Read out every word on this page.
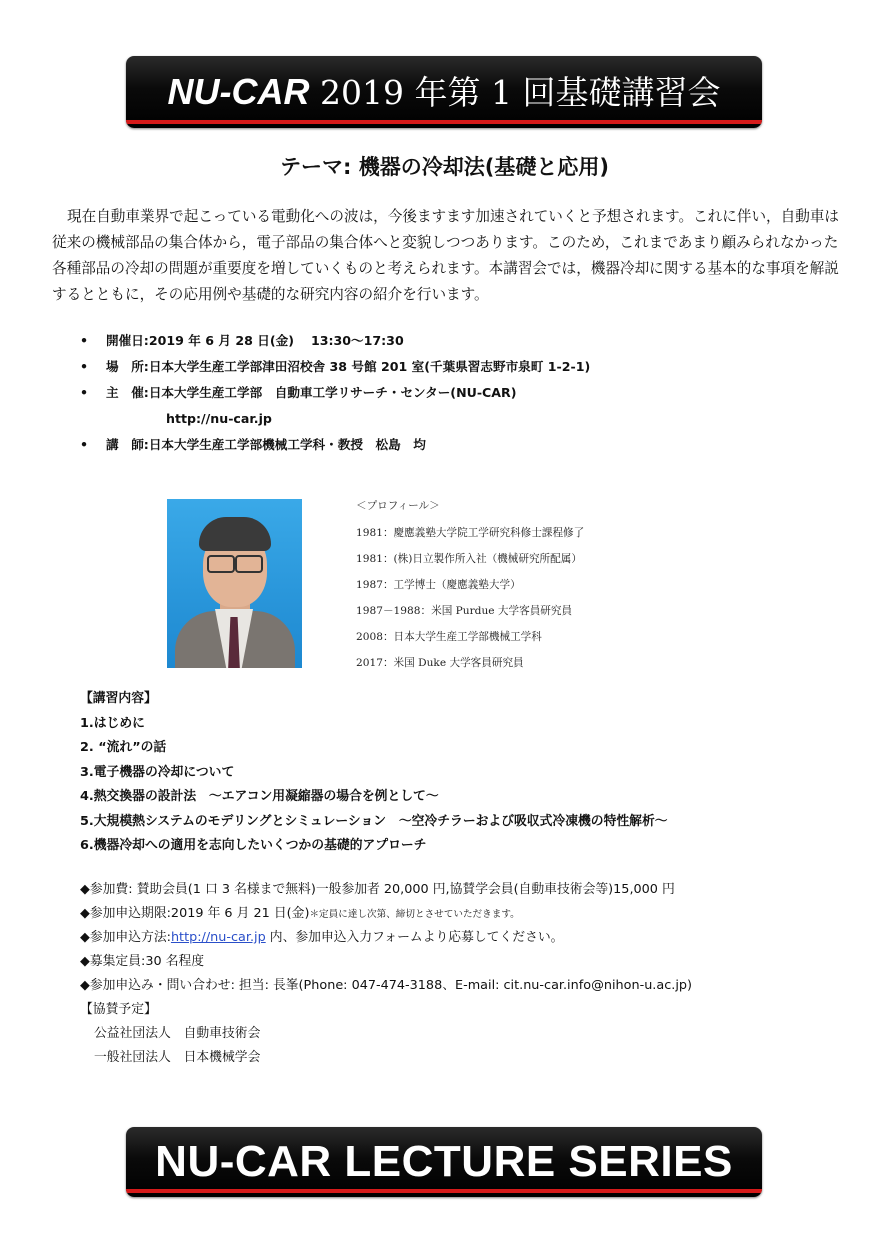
NU-CAR 2019 年第 1 回基礎講習会
テーマ: 機器の冷却法(基礎と応用)

現在自動車業界で起こっている電動化への波は，今後ますます加速されていくと予想されます。これに伴い，自動車は従来の機械部品の集合体から，電子部品の集合体へと変貌しつつあります。このため，これまであまり顧みられなかった各種部品の冷却の問題が重要度を増していくものと考えられます。本講習会では，機器冷却に関する基本的な事項を解説するとともに，その応用例や基礎的な研究内容の紹介を行います。

• 開催日:2019 年 6 月 28 日(金)　 13:30～17:30
• 場　所:日本大学生産工学部津田沼校舎 38 号館 201 室(千葉県習志野市泉町 1-2-1)
• 主　催:日本大学生産工学部　自動車工学リサーチ・センター(NU-CAR)
http://nu-car.jp
• 講　師:日本大学生産工学部機械工学科・教授　松島　均
＜プロフィール＞
1981：慶應義塾大学院工学研究科修士課程修了
1981：(株)日立製作所入社（機械研究所配属）
1987：工学博士（慶應義塾大学）
1987－1988：米国 Purdue 大学客員研究員
2008：日本大学生産工学部機械工学科
2017：米国 Duke 大学客員研究員
【講習内容】
1.はじめに
2. “流れ”の話
3.電子機器の冷却について
4.熱交換器の設計法　～エアコン用凝縮器の場合を例として～
5.大規模熱システムのモデリングとシミュレーション　～空冷チラーおよび吸収式冷凍機の特性解析～
6.機器冷却への適用を志向したいくつかの基礎的アプローチ
◆参加費: 賛助会員(1 口 3 名様まで無料)一般参加者 20,000 円,協賛学会員(自動車技術会等)15,000 円
◆参加申込期限:2019 年 6 月 21 日(金)＊定員に達し次第、締切とさせていただきます。
◆参加申込方法:http://nu-car.jp 内、参加申込入力フォームより応募してください。
◆募集定員:30 名程度
◆参加申込み・問い合わせ: 担当: 長峯(Phone: 047-474-3188、E-mail: cit.nu-car.info@nihon-u.ac.jp)
【協賛予定】
公益社団法人　自動車技術会
一般社団法人　日本機械学会
NU-CAR LECTURE SERIES
